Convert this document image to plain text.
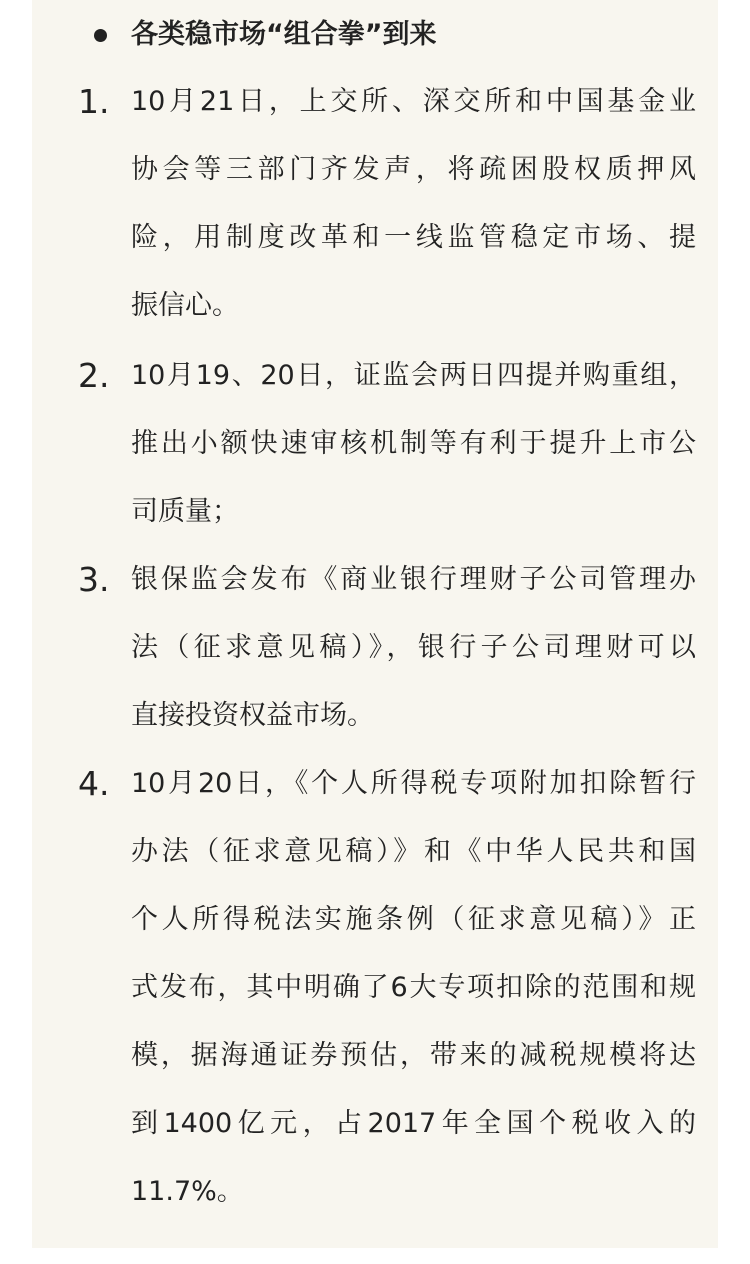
各类稳市场“组合拳”到来
1. 10月21日，上交所、深交所和中国基金业
协会等三部门齐发声，将疏困股权质押风
险，用制度改革和一线监管稳定市场、提
振信心。
2. 10月19、20日，证监会两日四提并购重组，
推出小额快速审核机制等有利于提升上市公
司质量；
3. 银保监会发布《商业银行理财子公司管理办
法（征求意见稿）》，银行子公司理财可以
直接投资权益市场。
4. 10月20日，《个人所得税专项附加扣除暂行
办法（征求意见稿）》和《中华人民共和国
个人所得税法实施条例（征求意见稿）》正
式发布，其中明确了6大专项扣除的范围和规
模，据海通证券预估，带来的减税规模将达
到1400亿元，占2017年全国个税收入的
11.7%。
